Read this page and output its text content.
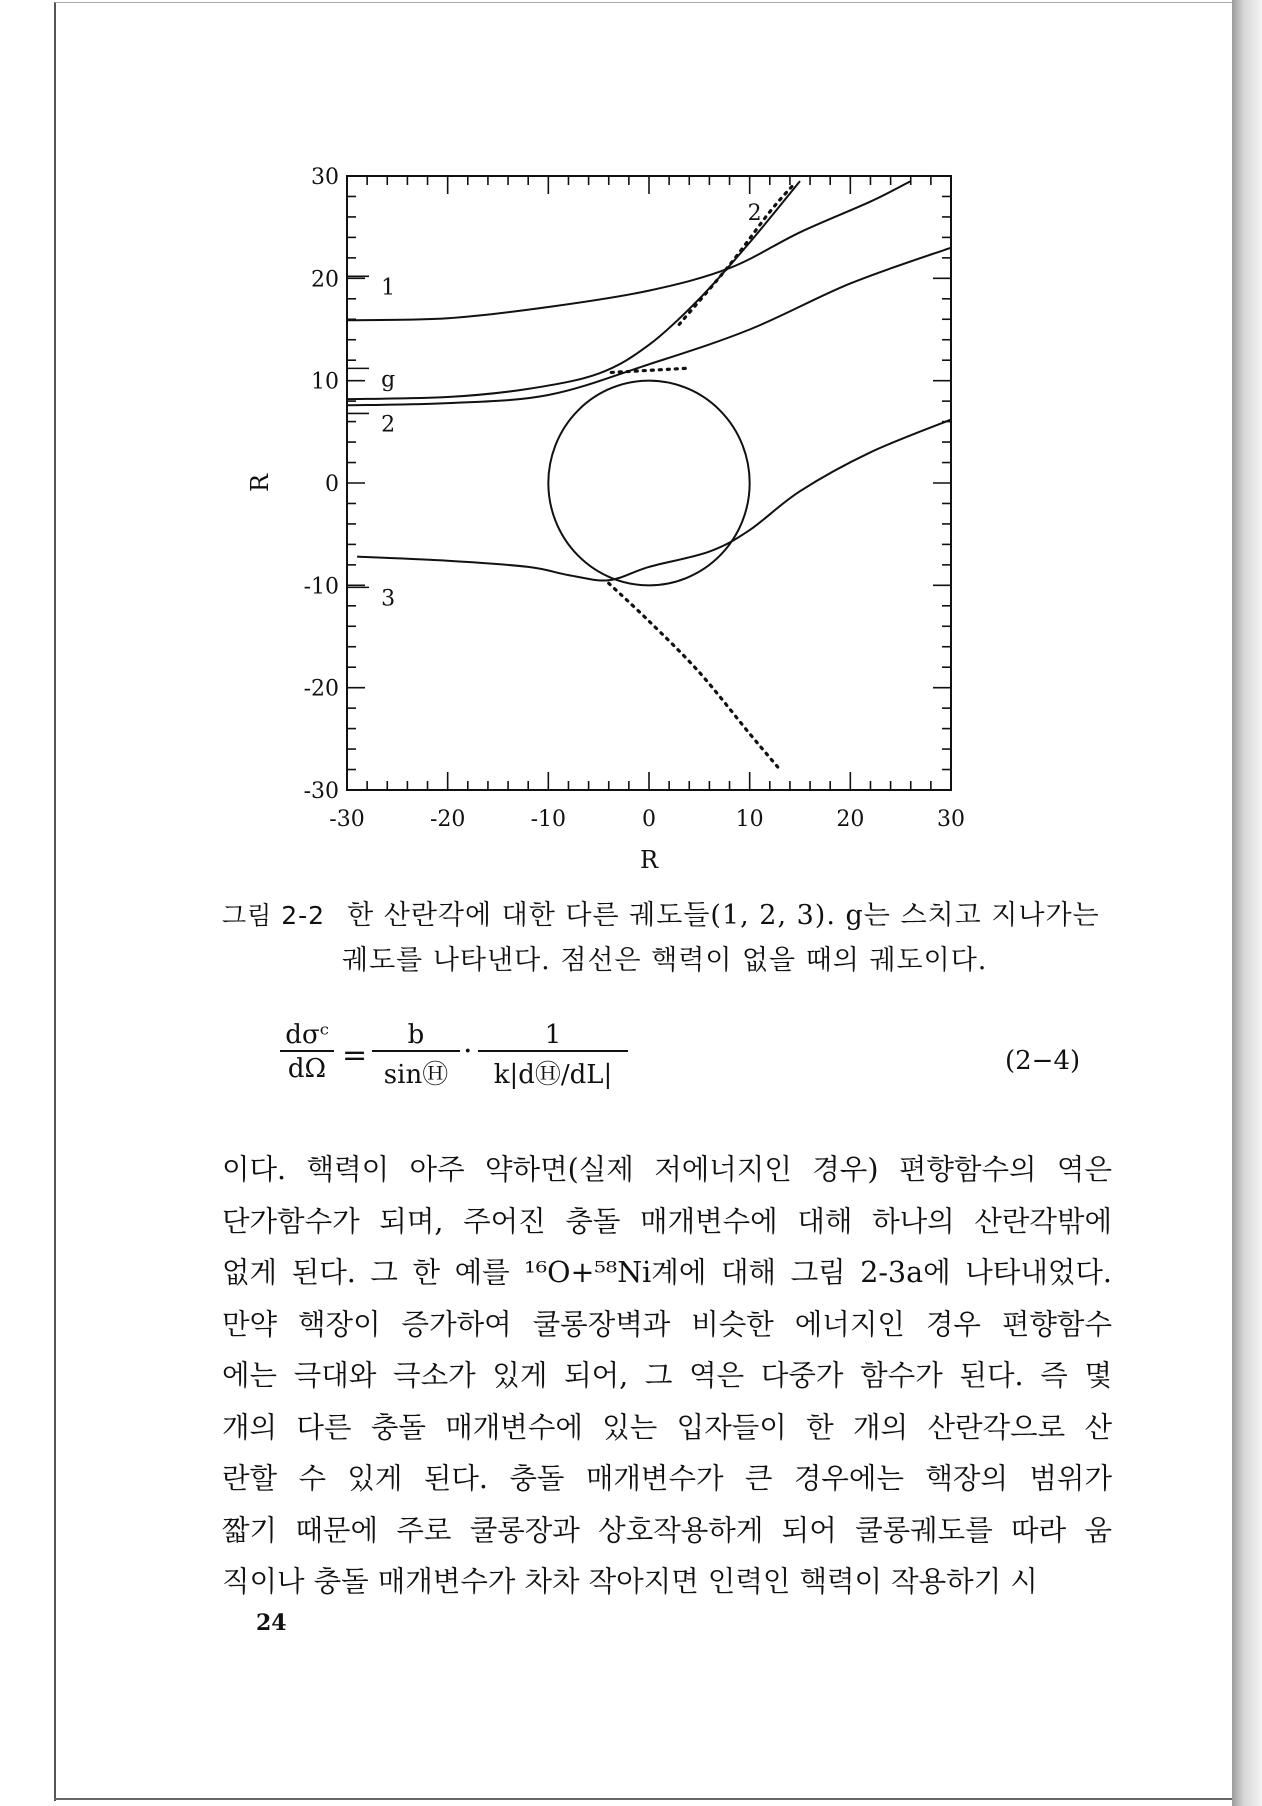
-30	-20	-10	0	10	20	30
30
20
10
0
-10
-20
-30
R
R
1
g
2
3
2
그림 2-2 한 산란각에 대한 다른 궤도들(1, 2, 3). g는 스치고 지나가는
궤도를 나타낸다. 점선은 핵력이 없을 때의 궤도이다.
dσᶜ
$d\Omega = \frac{b}{\sinⒽ} \cdot \frac{1}{k|dⒽ/dL|}$	(2−4)

이다. 핵력이 아주 약하면(실제 저에너지인 경우) 편향함수의 역은

단가함수가 되며, 주어진 충돌 매개변수에 대해 하나의 산란각밖에

없게 된다. 그 한 예를 ¹⁶O+⁵⁸Ni계에 대해 그림 2-3a에 나타내었다.

만약 핵장이 증가하여 쿨롱장벽과 비슷한 에너지인 경우 편향함수

에는 극대와 극소가 있게 되어, 그 역은 다중가 함수가 된다. 즉 몇

개의 다른 충돌 매개변수에 있는 입자들이 한 개의 산란각으로 산

란할 수 있게 된다. 충돌 매개변수가 큰 경우에는 핵장의 범위가

짧기 때문에 주로 쿨롱장과 상호작용하게 되어 쿨롱궤도를 따라 움

직이나 충돌 매개변수가 차차 작아지면 인력인 핵력이 작용하기 시

24
